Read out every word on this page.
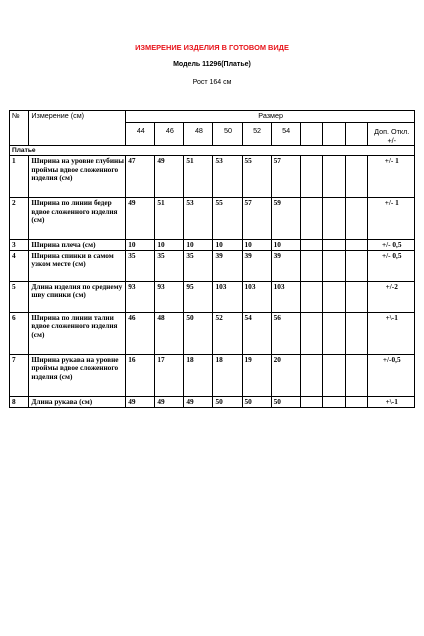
ИЗМЕРЕНИЕ ИЗДЕЛИЯ В ГОТОВОМ ВИДЕ
Модель 11296(Платье)
Рост 164 см
№	Измерение (см)	Размер									
		44	46	48	50	52	54				Доп. Откл. +/-
Платье											
1	Ширина на уровне глубины проймы вдвое сложенного изделия (см)	47	49	51	53	55	57				+/- 1
2	Ширина по линии бедер вдвое сложенного изделия (см)	49	51	53	55	57	59				+/- 1
3	Ширина плеча (см)	10	10	10	10	10	10				+/- 0,5
4	Ширина спинки в самом узком месте (см)	35	35	35	39	39	39				+/- 0,5
5	Длина изделия по среднему шву спинки (см)	93	93	95	103	103	103				+/-2
6	Ширина по линии талии вдвое сложенного изделия (см)	46	48	50	52	54	56				+\-1
7	Ширина рукава на уровне проймы вдвое сложенного изделия (см)	16	17	18	18	19	20				+/-0,5
8	Длина рукава (см)	49	49	49	50	50	50				+\-1
